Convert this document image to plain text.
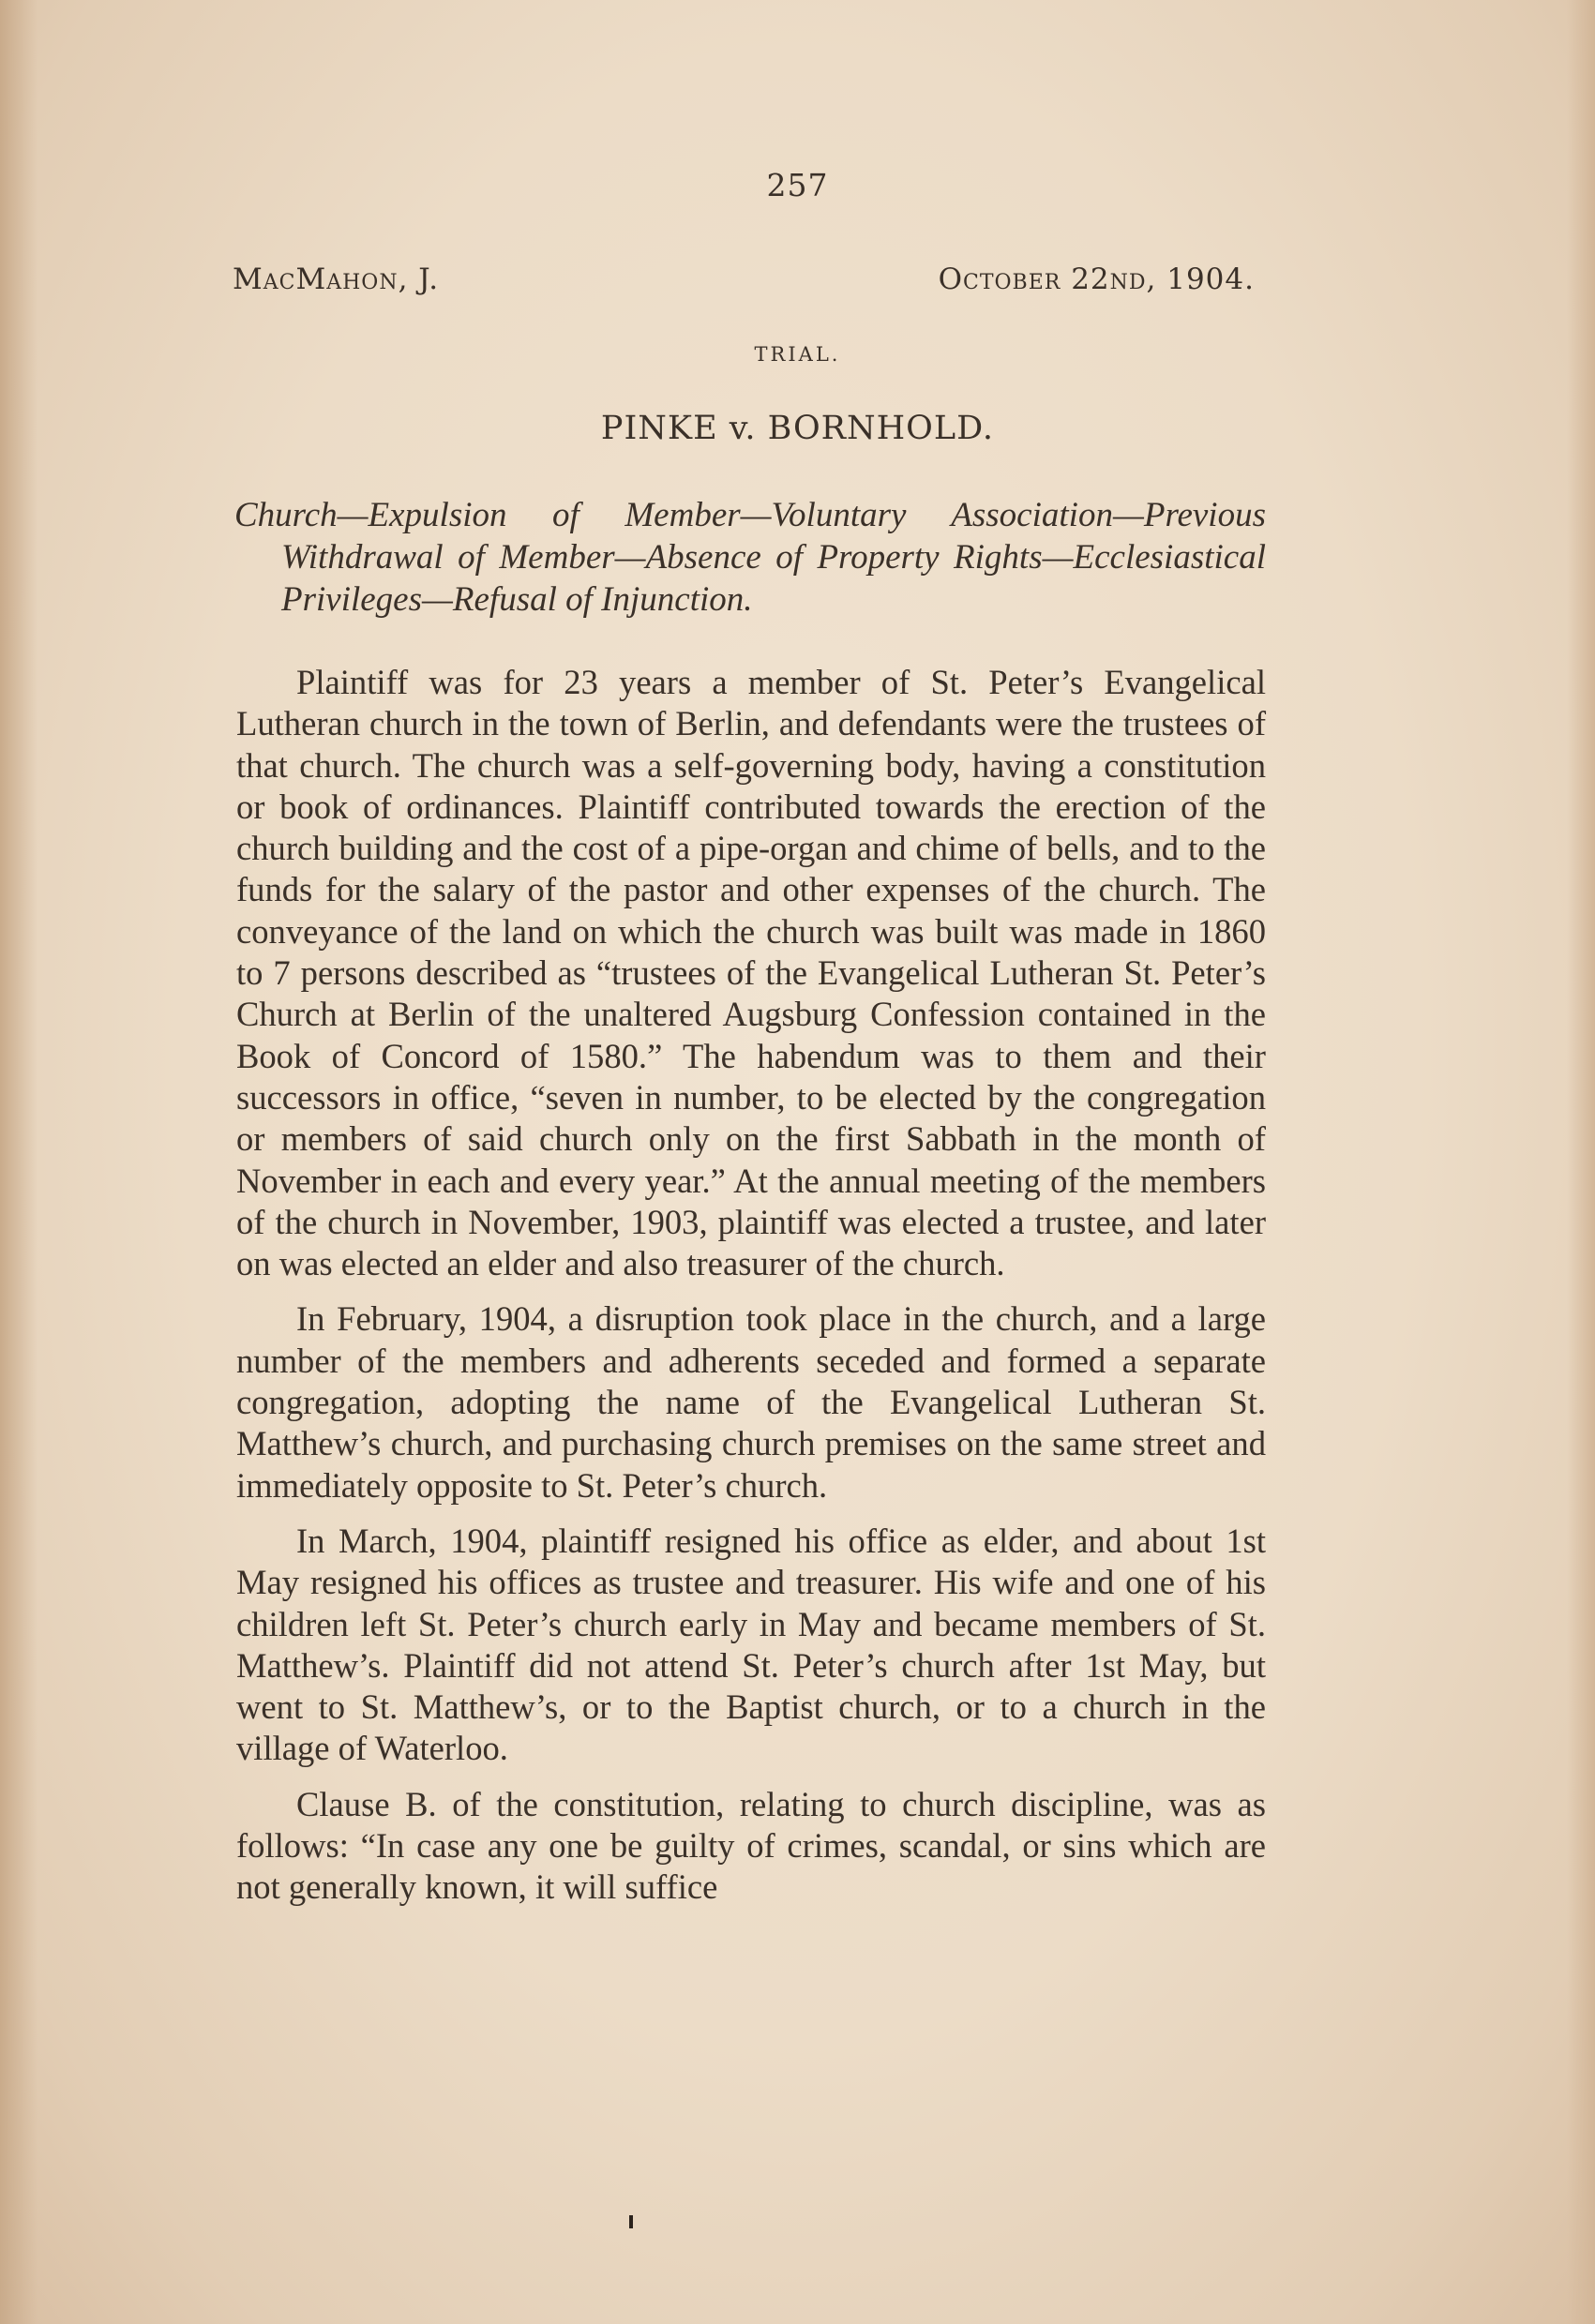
257
MacMahon, J.	October 22nd, 1904.
TRIAL.
PINKE v. BORNHOLD.
Church—Expulsion of Member—Voluntary Association—Previous Withdrawal of Member—Absence of Property Rights—Ecclesiastical Privileges—Refusal of Injunction.

Plaintiff was for 23 years a member of St. Peter’s Evangelical Lutheran church in the town of Berlin, and defendants were the trustees of that church. The church was a self-governing body, having a constitution or book of ordinances. Plaintiff contributed towards the erection of the church building and the cost of a pipe-organ and chime of bells, and to the funds for the salary of the pastor and other expenses of the church. The conveyance of the land on which the church was built was made in 1860 to 7 persons described as “trustees of the Evangelical Lutheran St. Peter’s Church at Berlin of the unaltered Augsburg Confession contained in the Book of Concord of 1580.” The habendum was to them and their successors in office, “seven in number, to be elected by the congregation or members of said church only on the first Sabbath in the month of November in each and every year.” At the annual meeting of the members of the church in November, 1903, plaintiff was elected a trustee, and later on was elected an elder and also treasurer of the church.

In February, 1904, a disruption took place in the church, and a large number of the members and adherents seceded and formed a separate congregation, adopting the name of the Evangelical Lutheran St. Matthew’s church, and purchasing church premises on the same street and immediately opposite to St. Peter’s church.

In March, 1904, plaintiff resigned his office as elder, and about 1st May resigned his offices as trustee and treasurer. His wife and one of his children left St. Peter’s church early in May and became members of St. Matthew’s. Plaintiff did not attend St. Peter’s church after 1st May, but went to St. Matthew’s, or to the Baptist church, or to a church in the village of Waterloo.

Clause B. of the constitution, relating to church discipline, was as follows: “In case any one be guilty of crimes, scandal, or sins which are not generally known, it will suffice
